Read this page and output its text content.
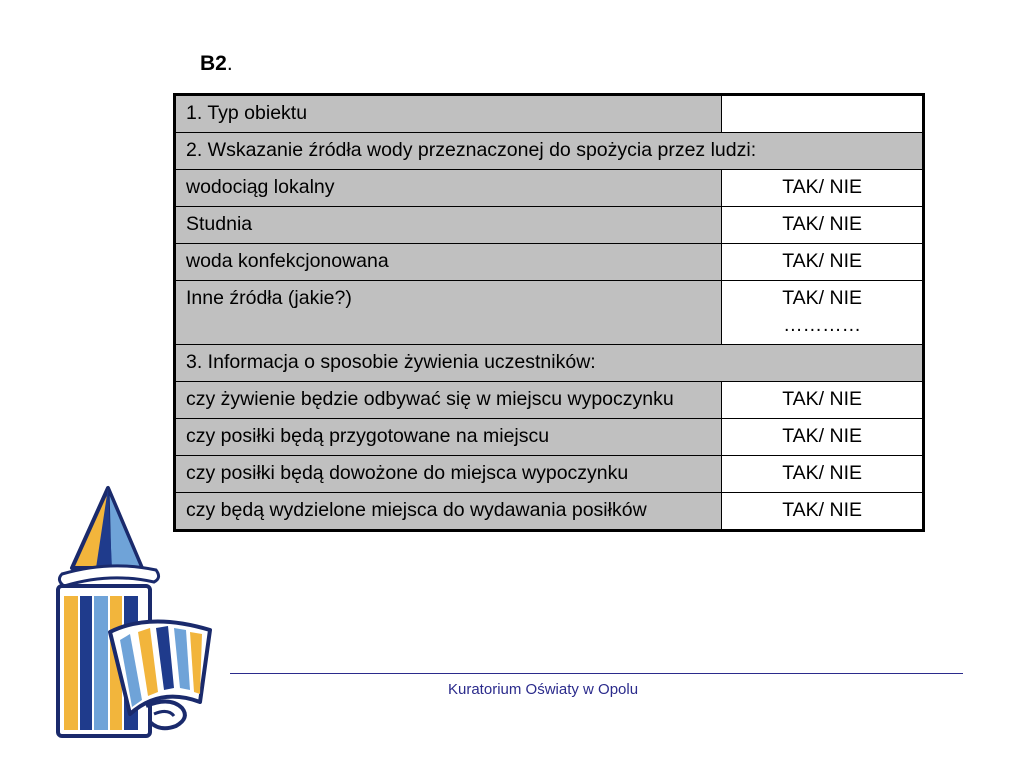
B2.
1. Typ obiektu	
2. Wskazanie źródła wody przeznaczonej do spożycia przez ludzi:	
wodociąg lokalny	TAK/ NIE
Studnia	TAK/ NIE
woda konfekcjonowana	TAK/ NIE
Inne źródła (jakie?)	TAK/ NIE
…………

3. Informacja o sposobie żywienia uczestników:	
czy żywienie będzie odbywać się w miejscu wypoczynku	TAK/ NIE
czy posiłki będą przygotowane na miejscu	TAK/ NIE
czy posiłki będą dowożone do miejsca wypoczynku	TAK/ NIE
czy będą wydzielone miejsca do wydawania posiłków	TAK/ NIE
Kuratorium Oświaty w Opolu
